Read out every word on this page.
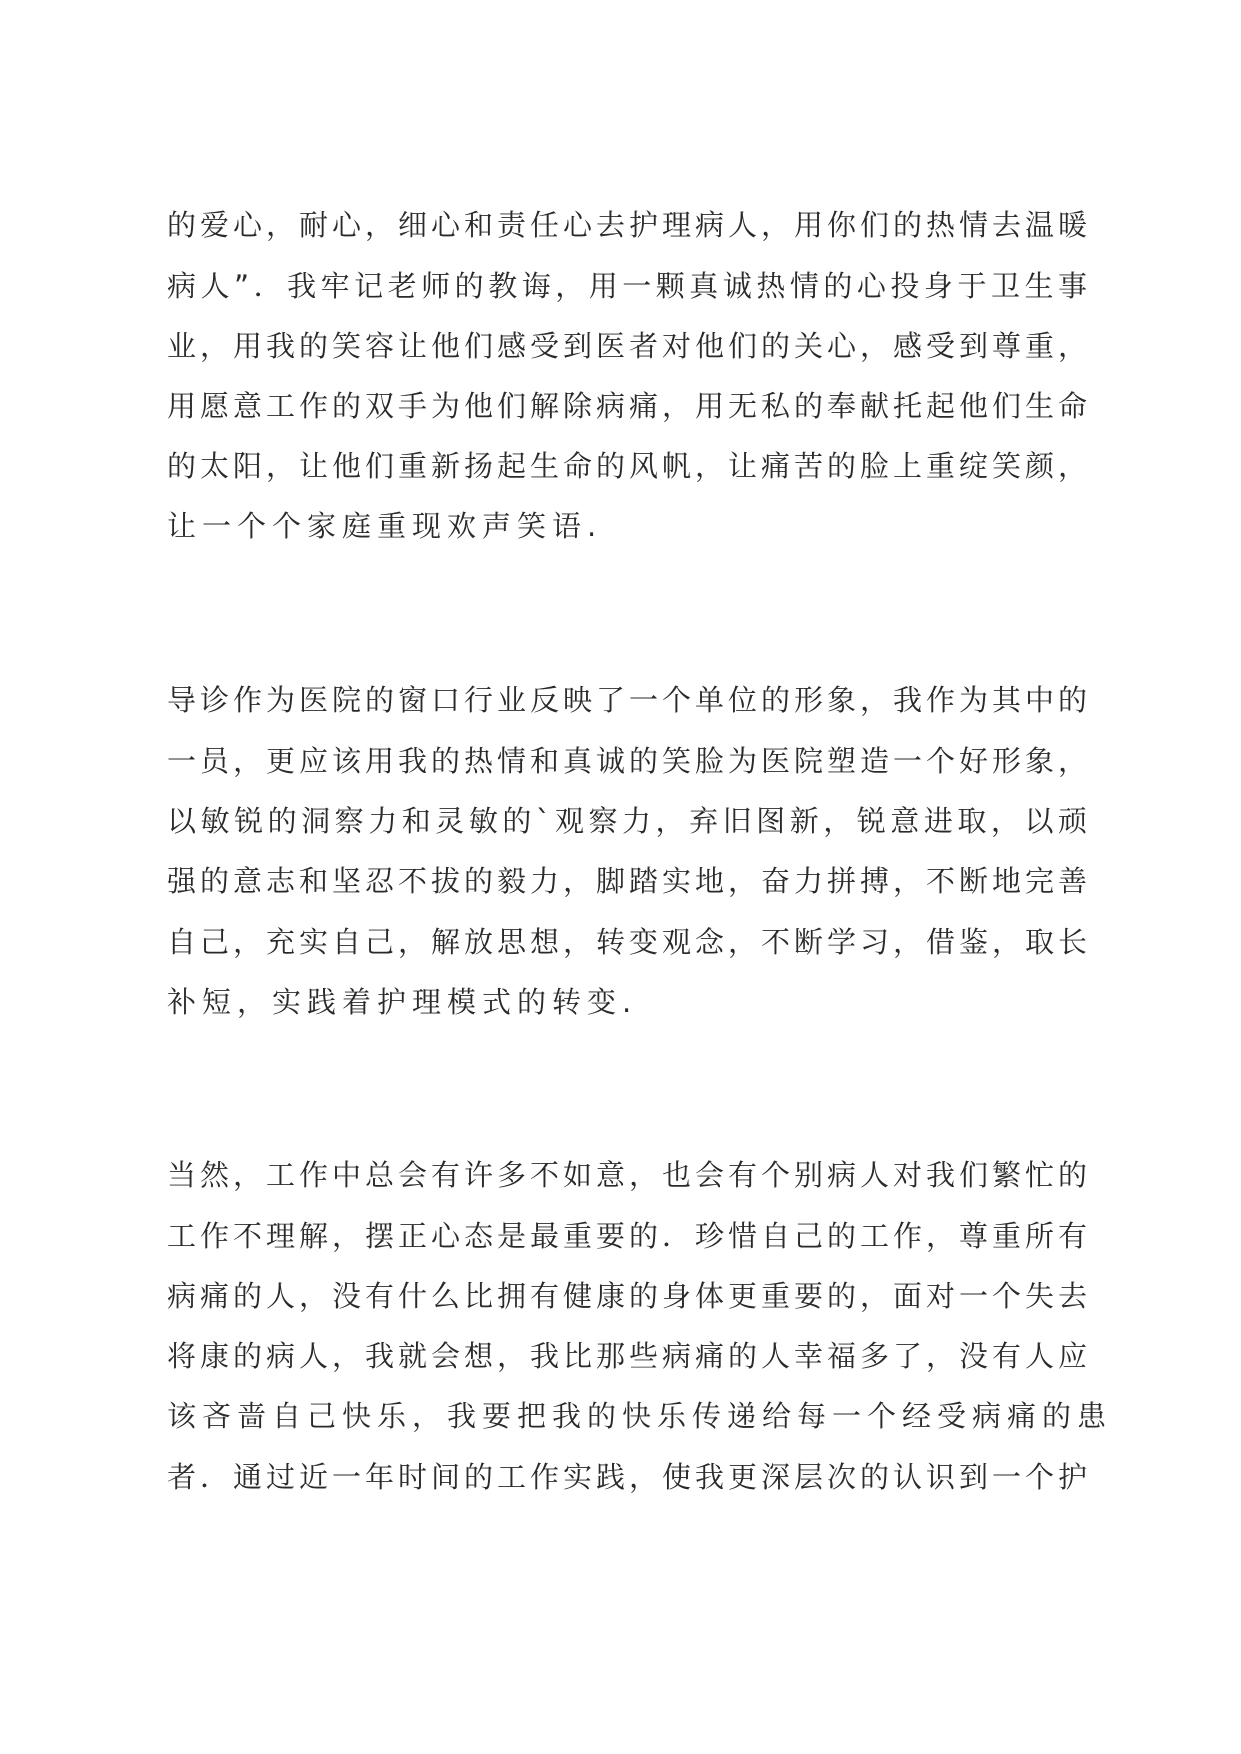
的爱心，耐心，细心和责任心去护理病人，用你们的热情去温暖
病人”．我牢记老师的教诲，用一颗真诚热情的心投身于卫生事
业，用我的笑容让他们感受到医者对他们的关心，感受到尊重，
用愿意工作的双手为他们解除病痛，用无私的奉献托起他们生命
的太阳，让他们重新扬起生命的风帆，让痛苦的脸上重绽笑颜，
让一个个家庭重现欢声笑语.
导诊作为医院的窗口行业反映了一个单位的形象，我作为其中的
一员，更应该用我的热情和真诚的笑脸为医院塑造一个好形象，
以敏锐的洞察力和灵敏的`观察力，弃旧图新，锐意进取，以顽
强的意志和坚忍不拔的毅力，脚踏实地，奋力拼搏，不断地完善
自己，充实自己，解放思想，转变观念，不断学习，借鉴，取长
补短，实践着护理模式的转变.
当然，工作中总会有许多不如意，也会有个别病人对我们繁忙的
工作不理解，摆正心态是最重要的．珍惜自己的工作，尊重所有
病痛的人，没有什么比拥有健康的身体更重要的，面对一个失去
将康的病人，我就会想，我比那些病痛的人幸福多了，没有人应
该吝啬自己快乐，我要把我的快乐传递给每一个经受病痛的患
者．通过近一年时间的工作实践，使我更深层次的认识到一个护
